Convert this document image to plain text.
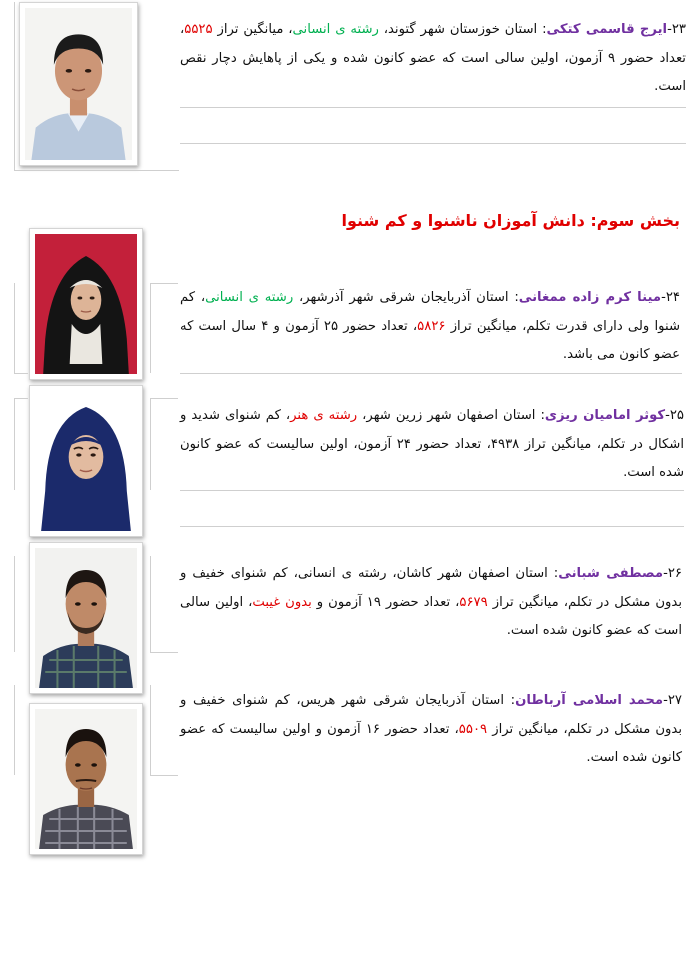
۲۳-ایرج قاسمی کتکی: استان خوزستان شهر گتوند، رشته ی انسانی، میانگین تراز ۵۵۲۵، تعداد حضور ۹ آزمون، اولین سالی است که عضو کانون شده و یکی از پاهایش دچار نقص است.
بخش سوم: دانش آموزان ناشنوا و کم شنوا
۲۴-مینا کرم زاده ممغانی: استان آذربایجان شرقی شهر آذرشهر، رشته ی انسانی، کم شنوا ولی دارای قدرت تکلم، میانگین تراز ۵۸۲۶، تعداد حضور ۲۵ آزمون و ۴ سال است که عضو کانون می باشد.
۲۵-کوثر امامیان ریزی: استان اصفهان شهر زرین شهر، رشته ی هنر، کم شنوای شدید و اشکال در تکلم، میانگین تراز ۴۹۳۸، تعداد حضور ۲۴ آزمون، اولین سالیست که عضو کانون شده است.
۲۶-مصطفی شبانی: استان اصفهان شهر کاشان، رشته ی انسانی، کم شنوای خفیف و بدون مشکل در تکلم، میانگین تراز ۵۶۷۹، تعداد حضور ۱۹ آزمون و بدون غیبت، اولین سالی است که عضو کانون شده است.
۲۷-محمد اسلامی آرباطان: استان آذربایجان شرقی شهر هریس، کم شنوای خفیف و بدون مشکل در تکلم، میانگین تراز ۵۵۰۹، تعداد حضور ۱۶ آزمون و اولین سالیست که عضو کانون شده است.
